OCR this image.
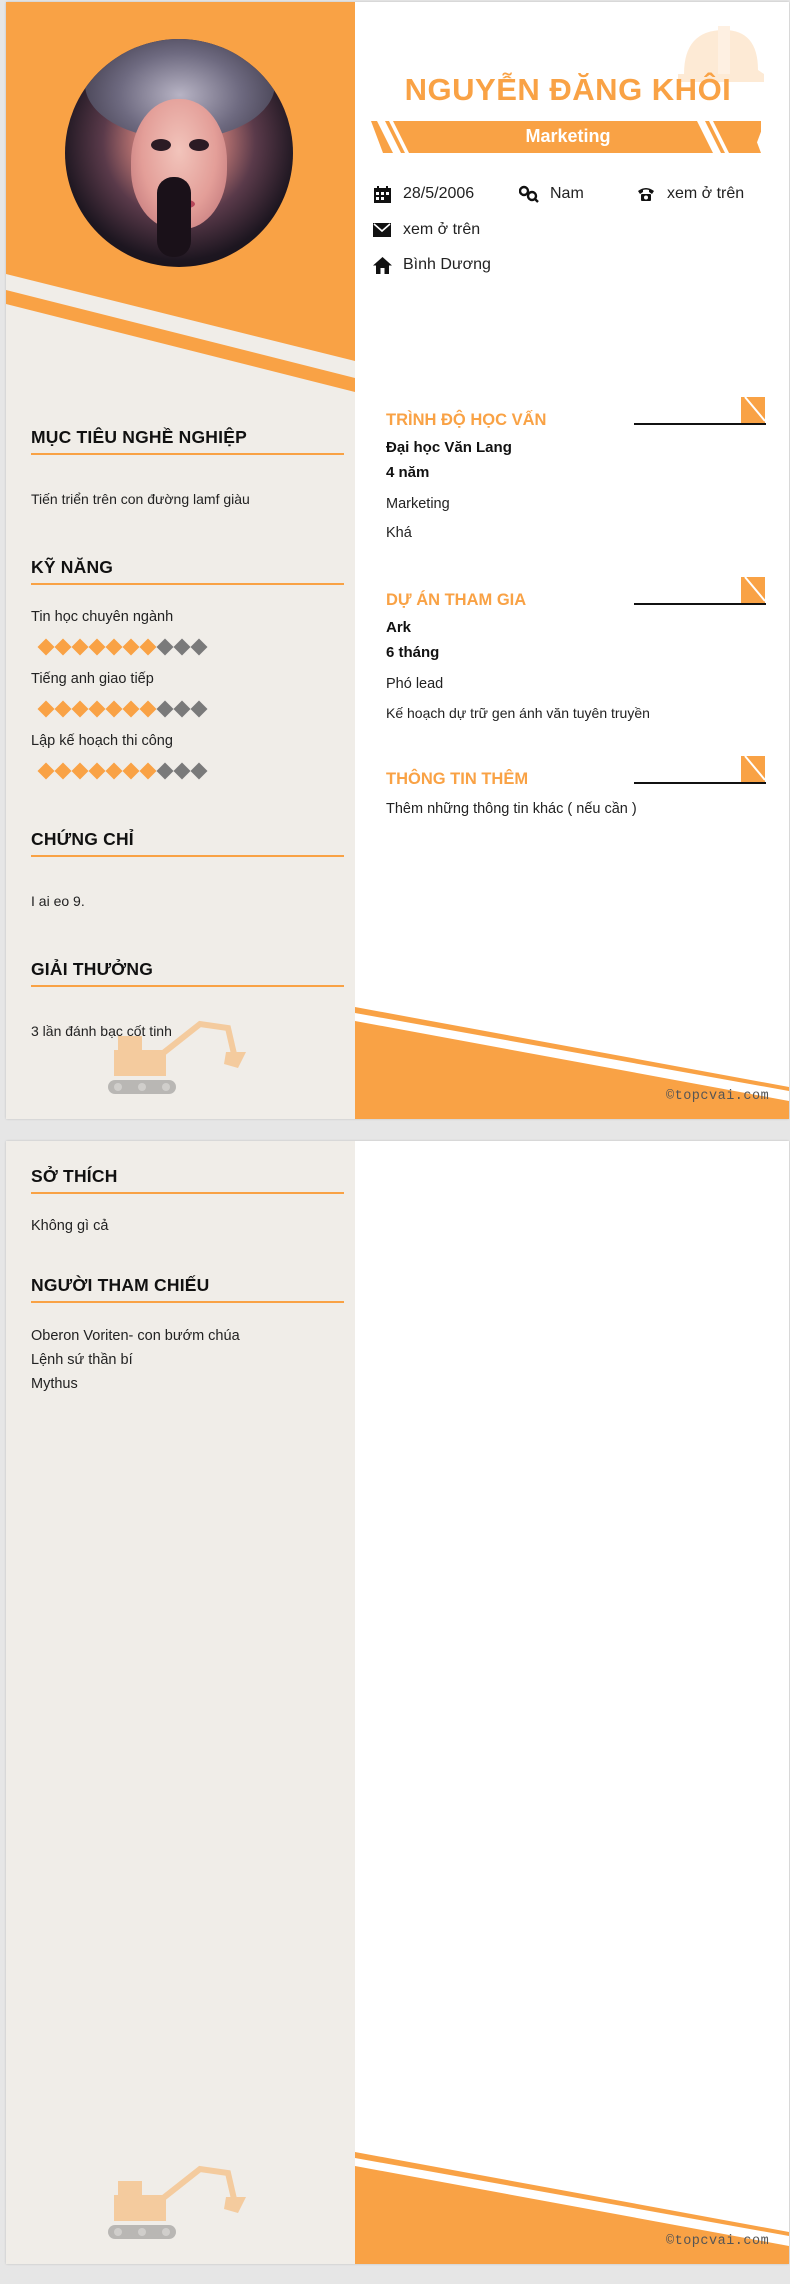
NGUYỄN ĐĂNG KHÔI
Marketing
28/5/2006	Nam	xem ở trên
xem ở trên
Bình Dương
MỤC TIÊU NGHỀ NGHIỆP
Tiến triển trên con đường lamf giàu
KỸ NĂNG
Tin học chuyên ngành
Tiếng anh giao tiếp
Lập kế hoạch thi công
CHỨNG CHỈ
I ai eo 9.
GIẢI THƯỞNG
3 lần đánh bạc cốt tinh
TRÌNH ĐỘ HỌC VẤN
Đại học Văn Lang
4 năm
Marketing
Khá
DỰ ÁN THAM GIA
Ark
6 tháng
Phó lead
Kế hoạch dự trữ gen ánh văn tuyên truyền
THÔNG TIN THÊM
Thêm những thông tin khác ( nếu cần )
©topcvai.com
SỞ THÍCH
Không gì cả
NGƯỜI THAM CHIẾU
Oberon Voriten- con bướm chúa
Lệnh sứ thần bí
Mythus
©topcvai.com
